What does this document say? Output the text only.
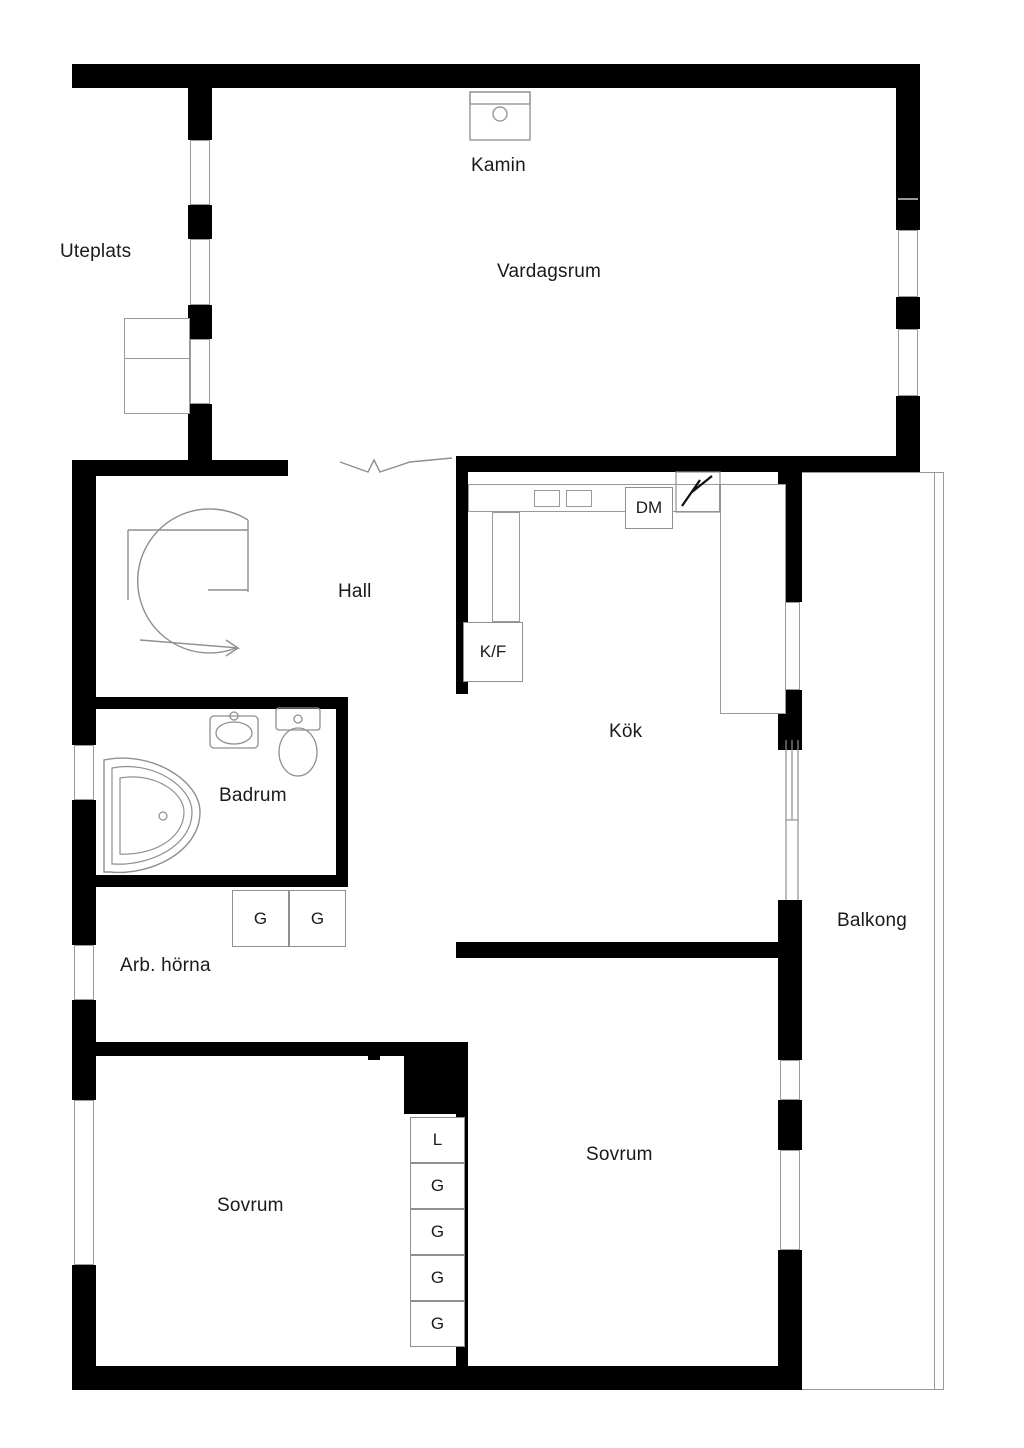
DM
K/F
G	G
L
G
G
G
G
Uteplats
Vardagsrum
Kamin
Hall
Badrum
Arb. hörna
Kök
Balkong
Sovrum
Sovrum
